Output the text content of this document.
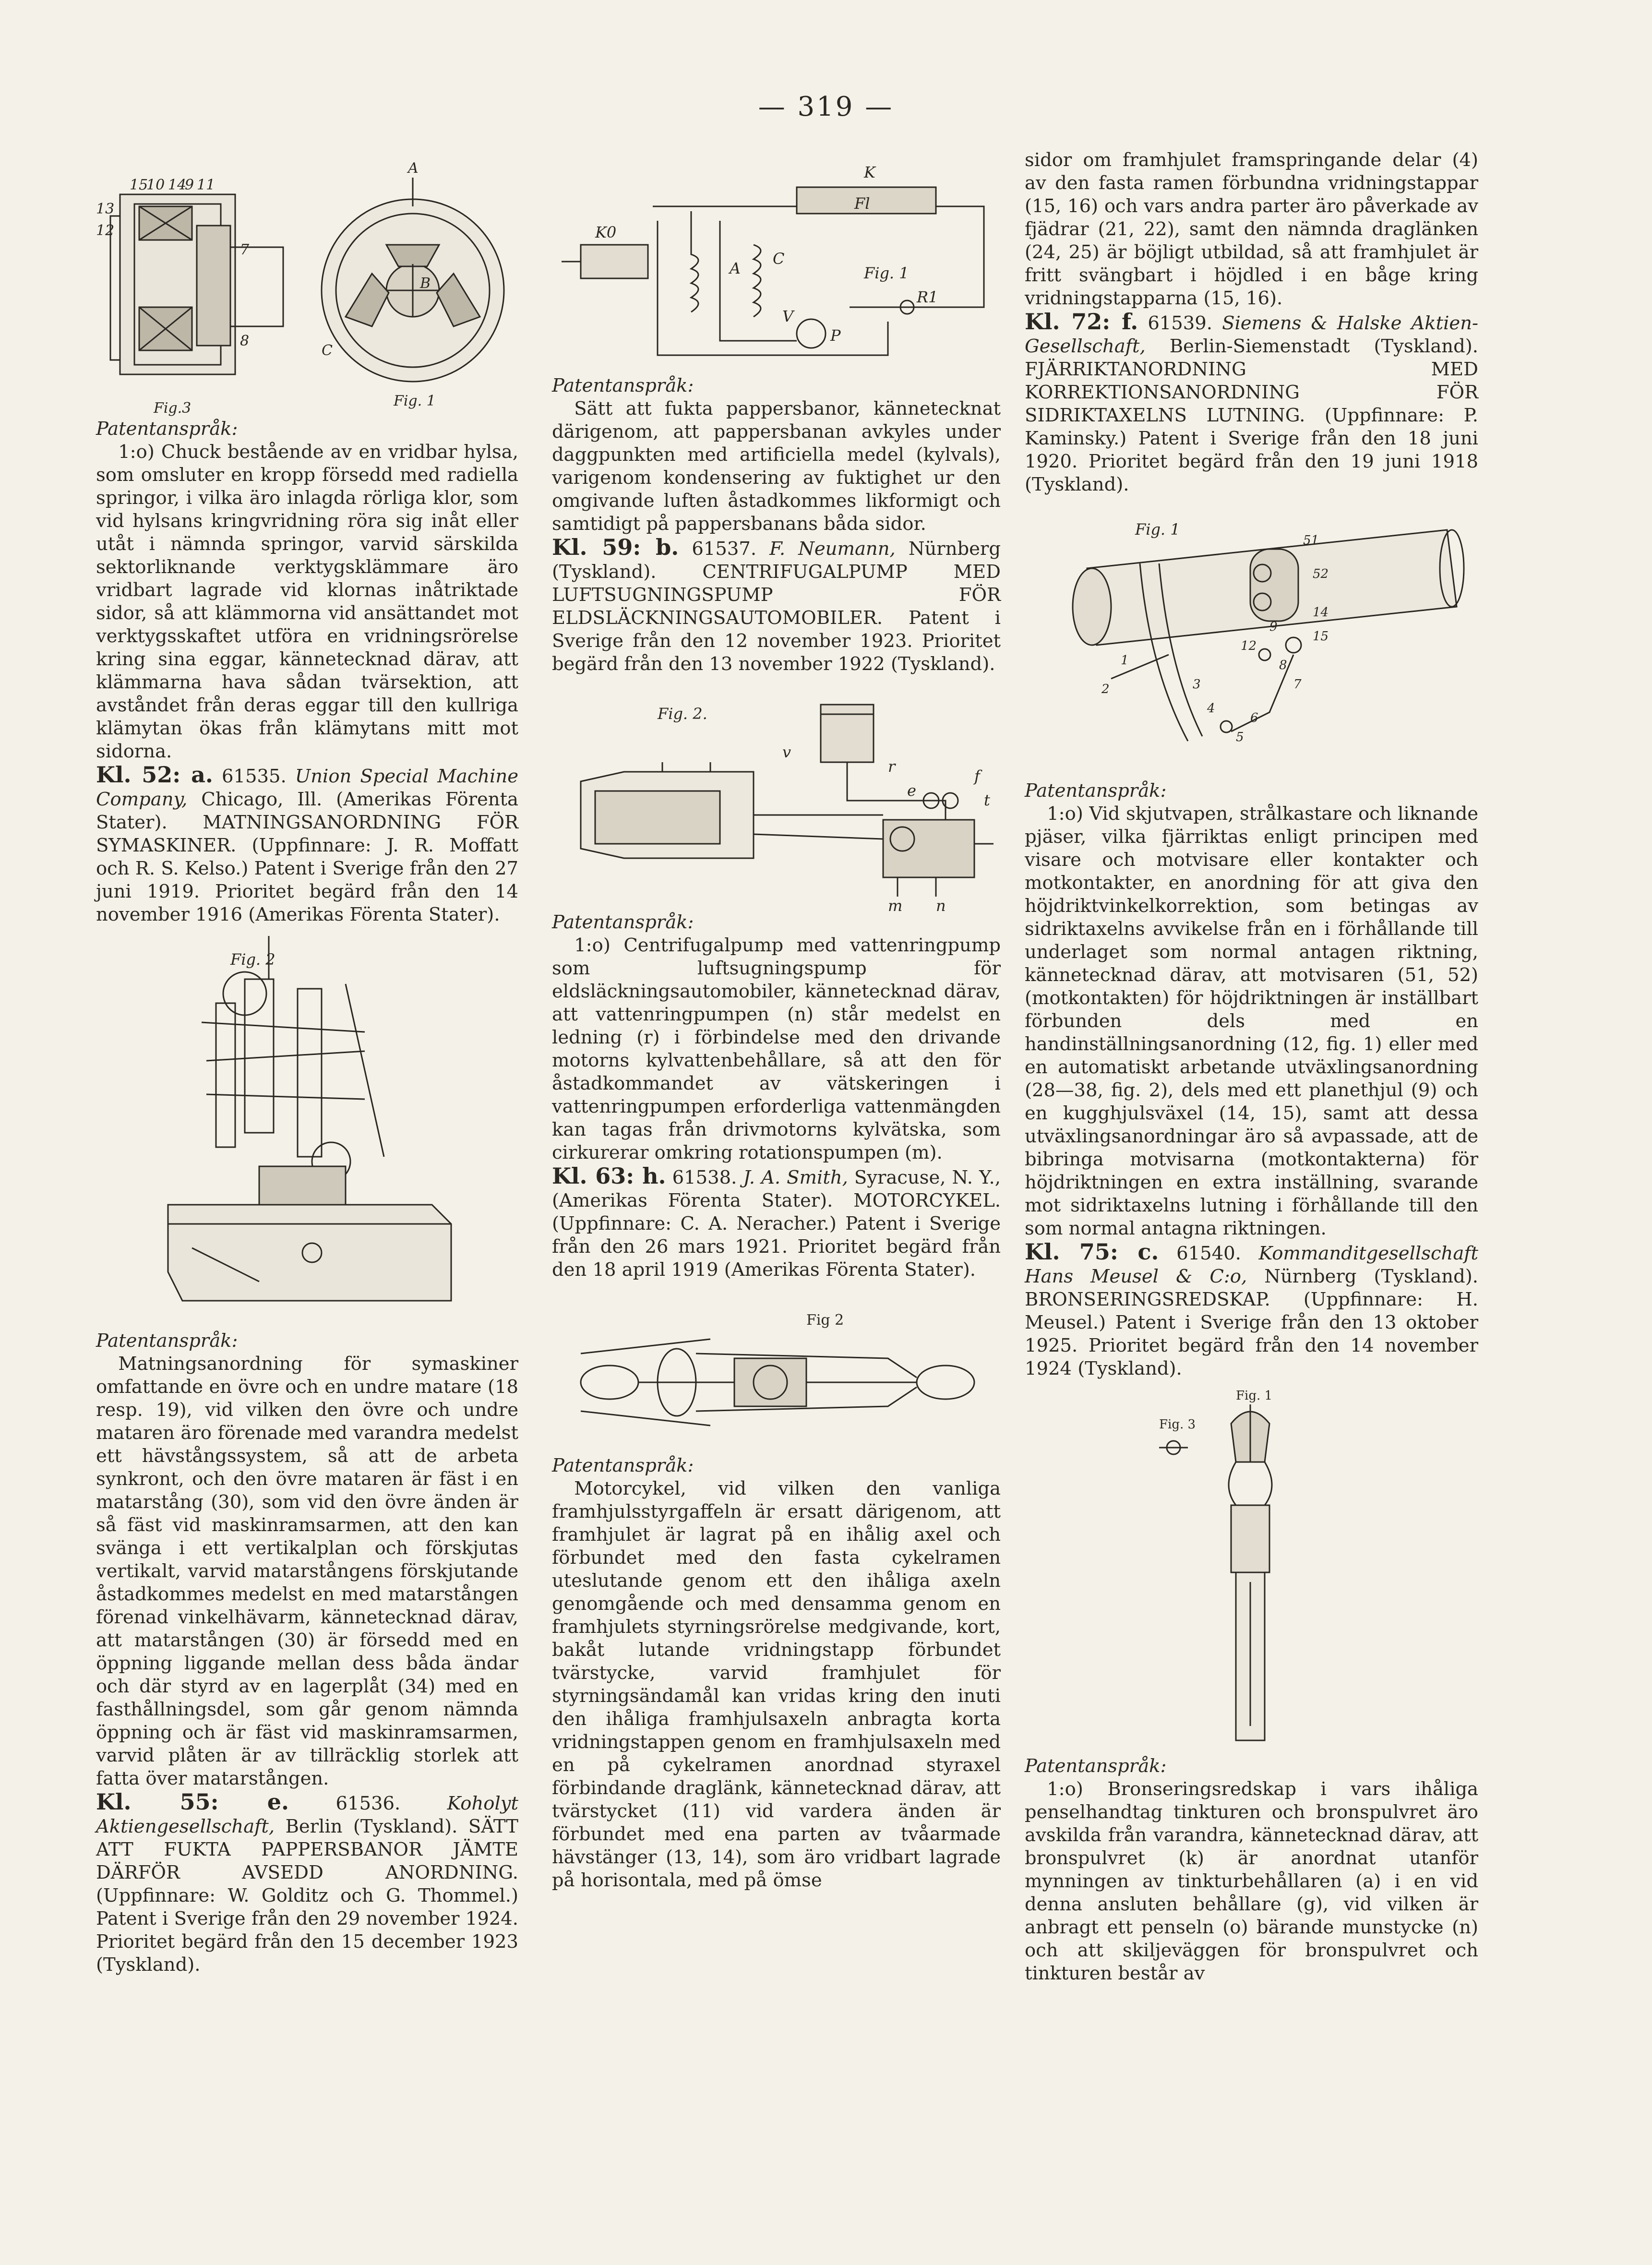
— 319 —
15
10 14
9 11
13
12
7
8
A
B
C
Fig.3	Fig. 1

Patentanspråk:

1:o) Chuck bestående av en vridbar hylsa, som omsluter en kropp försedd med radiella springor, i vilka äro inlagda rörliga klor, som vid hylsans kringvridning röra sig inåt eller utåt i nämnda springor, varvid särskilda sektorliknande verktygsklämmare äro vridbart lagrade vid klornas inåtriktade sidor, så att klämmorna vid ansättandet mot verktygsskaftet utföra en vridningsrörelse kring sina eggar, kännetecknad därav, att klämmarna hava sådan tvärsektion, att avståndet från deras eggar till den kullriga klämytan ökas från klämytans mitt mot sidorna.

Kl. 52: a. 61535. Union Special Machine Company, Chicago, Ill. (Amerikas Förenta Stater). MATNINGSANORDNING FÖR SYMASKINER. (Uppfinnare: J. R. Moffatt och R. S. Kelso.) Patent i Sverige från den 27 juni 1919. Prioritet begärd från den 14 november 1916 (Amerikas Förenta Stater).

Fig. 2

Patentanspråk:

Matningsanordning för symaskiner omfattande en övre och en undre matare (18 resp. 19), vid vilken den övre och undre mataren äro förenade med varandra medelst ett hävstångssystem, så att de arbeta synkront, och den övre mataren är fäst i en matarstång (30), som vid den övre änden är så fäst vid maskinramsarmen, att den kan svänga i ett vertikalplan och förskjutas vertikalt, varvid matarstångens förskjutande åstadkommes medelst en med matarstången förenad vinkelhävarm, kännetecknad därav, att matarstången (30) är försedd med en öppning liggande mellan dess båda ändar och där styrd av en lagerplåt (34) med en fasthållningsdel, som går genom nämnda öppning och är fäst vid maskinramsarmen, varvid plåten är av tillräcklig storlek att fatta över matarstången.

Kl. 55: e.	61536.	Koholyt Aktiengesellschaft, Berlin (Tyskland). SÄTT ATT FUKTA PAPPERSBANOR JÄMTE DÄRFÖR AVSEDD ANORDNING. (Uppfinnare: W. Golditz och G. Thommel.) Patent i Sverige från den 29 november 1924. Prioritet begärd från den 15 december 1923 (Tyskland).

K
Fl
K0
C
A
R1
P
V
Fig. 1

Patentanspråk:

Sätt att fukta pappersbanor, kännetecknat därigenom, att pappersbanan avkyles under daggpunkten med artificiella medel (kylvals), varigenom kondensering av fuktighet ur den omgivande luften åstadkommes likformigt och samtidigt på pappersbanans båda sidor.

Kl. 59: b. 61537. F. Neumann, Nürnberg (Tyskland). CENTRIFUGALPUMP MED LUFTSUGNINGSPUMP FÖR ELDSLÄCKNINGSAUTOMOBILER. Patent i Sverige från den 12 november 1923. Prioritet begärd från den 13 november 1922 (Tyskland).

Fig. 2.
v
r
e
f
t
m n

Patentanspråk:

1:o) Centrifugalpump med vattenringpump som luftsugningspump för eldsläckningsautomobiler, kännetecknad därav, att vattenringpumpen (n) står medelst en ledning (r) i förbindelse med den drivande motorns kylvattenbehållare, så att den för åstadkommandet av vätskeringen i vattenringpumpen erforderliga vattenmängden kan tagas från drivmotorns kylvätska, som cirkurerar omkring rotationspumpen (m).

Kl. 63: h. 61538. J. A. Smith, Syracuse, N. Y., (Amerikas Förenta Stater). MOTORCYKEL. (Uppfinnare: C. A. Neracher.) Patent i Sverige från den 26 mars 1921. Prioritet begärd från den 18 april 1919 (Amerikas Förenta Stater).

Fig 2

Patentanspråk:

Motorcykel, vid vilken den vanliga framhjulsstyrgaffeln är ersatt därigenom, att framhjulet är lagrat på en ihålig axel och förbundet med den fasta cykelramen uteslutande genom ett den ihåliga axeln genomgående och med densamma genom en framhjulets styrningsrörelse medgivande, kort, bakåt lutande vridningstapp förbundet tvärstycke, varvid framhjulet för styrningsändamål kan vridas kring den inuti den ihåliga framhjulsaxeln anbragta korta vridningstappen genom en framhjulsaxeln med en på cykelramen anordnad styraxel förbindande draglänk, kännetecknad därav, att tvärstycket (11) vid vardera änden är förbundet med ena parten av tvåarmade hävstänger (13, 14), som äro vridbart lagrade på horisontala, med på ömse

sidor om framhjulet framspringande delar (4) av den fasta ramen förbundna vridningstappar (15, 16) och vars andra parter äro påverkade av fjädrar (21, 22), samt den nämnda draglänken (24, 25) är böjligt utbildad, så att framhjulet är fritt svängbart i höjdled i en båge kring vridningstapparna (15, 16).

Kl. 72: f. 61539. Siemens & Halske Aktien-Gesellschaft, Berlin-Siemenstadt (Tyskland). FJÄRRIKTANORDNING MED KORREKTIONSANORDNING FÖR SIDRIKTAXELNS LUTNING. (Uppfinnare: P. Kaminsky.) Patent i Sverige från den 18 juni 1920. Prioritet begärd från den 19 juni 1918 (Tyskland).

Fig. 1
51
52
14
15
12
1
2	3
4
5
6
7
8
9

Patentanspråk:

1:o) Vid skjutvapen, strålkastare och liknande pjäser, vilka fjärriktas enligt principen med visare och motvisare eller kontakter och motkontakter, en anordning för att giva den höjdriktvinkelkorrektion, som betingas av sidriktaxelns avvikelse från en i förhållande till underlaget som normal antagen riktning, kännetecknad därav, att motvisaren (51, 52) (motkontakten) för höjdriktningen är inställbart förbunden dels med en handinställningsanordning (12, fig. 1) eller med en automatiskt arbetande utväxlingsanordning (28—38, fig. 2), dels med ett planethjul (9) och en kugghjulsväxel (14, 15), samt att dessa utväxlingsanordningar äro så avpassade, att de bibringa motvisarna (motkontakterna) för höjdriktningen en extra inställning, svarande mot sidriktaxelns lutning i förhållande till den som normal antagna riktningen.

Kl. 75: c. 61540. Kommanditgesellschaft Hans Meusel & C:o, Nürnberg (Tyskland). BRONSERINGSREDSKAP. (Uppfinnare: H. Meusel.) Patent i Sverige från den 13 oktober 1925. Prioritet begärd från den 14 november 1924 (Tyskland).

Fig. 1
Fig. 3

Patentanspråk:

1:o) Bronseringsredskap i vars ihåliga penselhandtag tinkturen och bronspulvret äro avskilda från varandra, kännetecknad därav, att bronspulvret (k) är anordnat utanför mynningen av tinkturbehållaren (a) i en vid denna ansluten behållare (g), vid vilken är anbragt ett penseln (o) bärande munstycke (n) och att skiljeväggen för bronspulvret och tinkturen består av
